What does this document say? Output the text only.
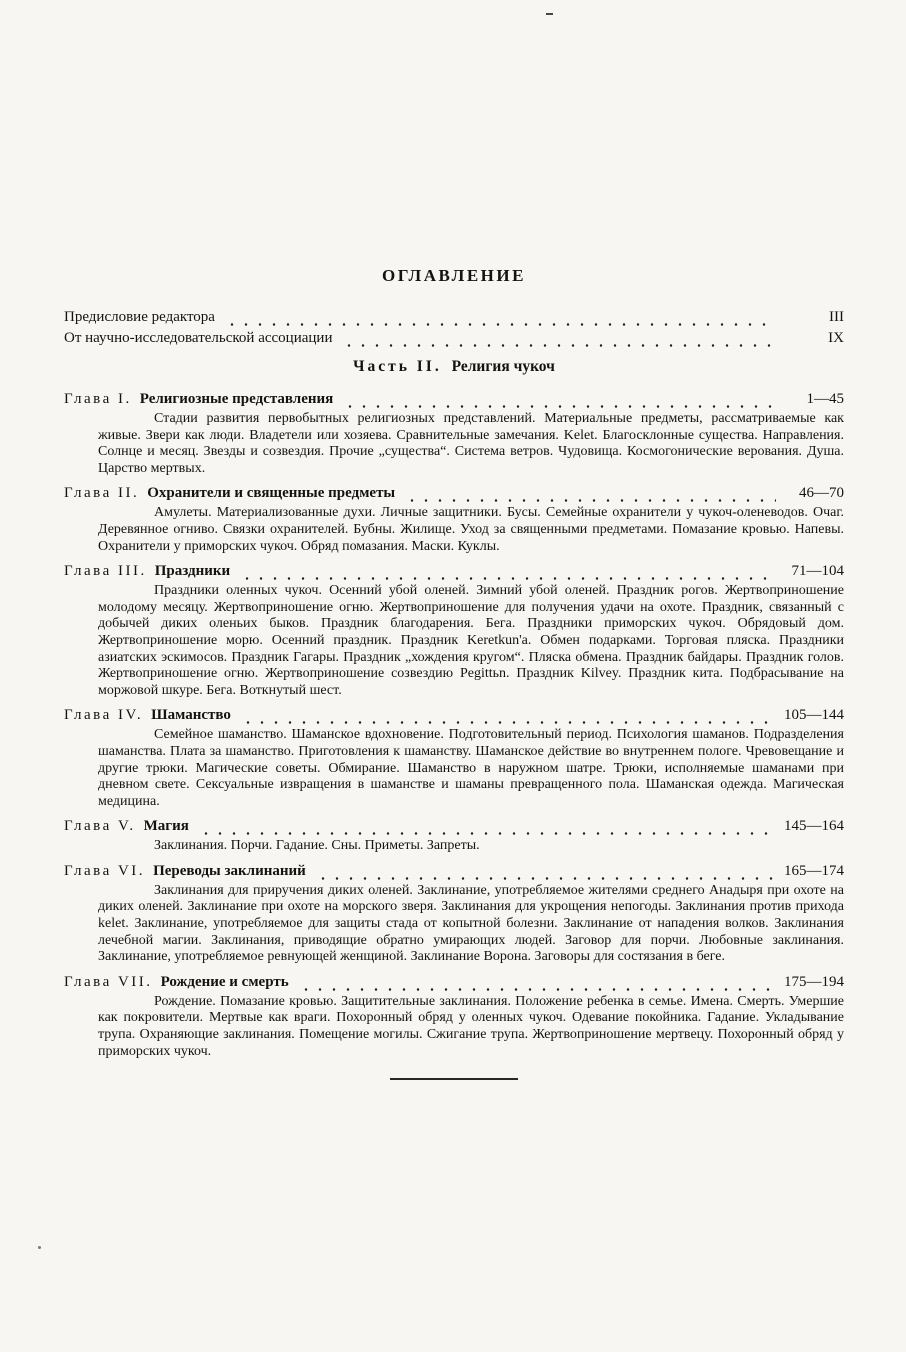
ОГЛАВЛЕНИЕ
Предисловие редактора	III
От научно-исследовательской ассоциации	IX
Часть II. Религия чукоч
Глава I. Религиозные представления	1—45

Стадии развития первобытных религиозных представлений. Материальные предметы, рассматриваемые как живые. Звери как люди. Владетели или хозяева. Сравнительные замечания. Kelet. Благосклонные существа. Направления. Солнце и месяц. Звезды и созвездия. Прочие „существа“. Система ветров. Чудовища. Космогонические верования. Душа. Царство мертвых.

Глава II. Охранители и священные предметы	46—70

Амулеты. Материализованные духи. Личные защитники. Бусы. Семейные охранители у чукоч-оленеводов. Очаг. Деревянное огниво. Связки охранителей. Бубны. Жилище. Уход за священными предметами. Помазание кровью. Напевы. Охранители у приморских чукоч. Обряд помазания. Маски. Куклы.

Глава III. Праздники	71—104

Праздники оленных чукоч. Осенний убой оленей. Зимний убой оленей. Праздник рогов. Жертвоприношение молодому месяцу. Жертвоприношение огню. Жертвоприношение для получения удачи на охоте. Праздник, связанный с добычей диких оленьих быков. Праздник благодарения. Бега. Праздники приморских чукоч. Обрядовый дом. Жертвоприношение морю. Осенний праздник. Праздник Keretkun'a. Обмен подарками. Торговая пляска. Праздники азиатских эскимосов. Праздник Гагары. Праздник „хождения кругом“. Пляска обмена. Праздник байдары. Праздник голов. Жертвоприношение огню. Жертвоприношение созвездию Pegittьn. Праздник Kilvey. Праздник кита. Подбрасывание на моржовой шкуре. Бега. Воткнутый шест.

Глава IV. Шаманство	105—144

Семейное шаманство. Шаманское вдохновение. Подготовительный период. Психология шаманов. Подразделения шаманства. Плата за шаманство. Приготовления к шаманству. Шаманское действие во внутреннем пологе. Чревовещание и другие трюки. Магические советы. Обмирание. Шаманство в наружном шатре. Трюки, исполняемые шаманами при дневном свете. Сексуальные извращения в шаманстве и шаманы превращенного пола. Шаманская одежда. Магическая медицина.

Глава V. Магия	145—164

Заклинания. Порчи. Гадание. Сны. Приметы. Запреты.

Глава VI. Переводы заклинаний	165—174

Заклинания для приручения диких оленей. Заклинание, употребляемое жителями среднего Анадыря при охоте на диких оленей. Заклинание при охоте на морского зверя. Заклинания для укрощения непогоды. Заклинания против прихода kelet. Заклинание, употребляемое для защиты стада от копытной болезни. Заклинание от нападения волков. Заклинания лечебной магии. Заклинания, приводящие обратно умирающих людей. Заговор для порчи. Любовные заклинания. Заклинание, употребляемое ревнующей женщиной. Заклинание Ворона. Заговоры для состязания в беге.

Глава VII. Рождение и смерть	175—194

Рождение. Помазание кровью. Защитительные заклинания. Положение ребенка в семье. Имена. Смерть. Умершие как покровители. Мертвые как враги. Похоронный обряд у оленных чукоч. Одевание покойника. Гадание. Укладывание трупа. Охраняющие заклинания. Помещение могилы. Сжигание трупа. Жертвоприношение мертвецу. Похоронный обряд у приморских чукоч.
